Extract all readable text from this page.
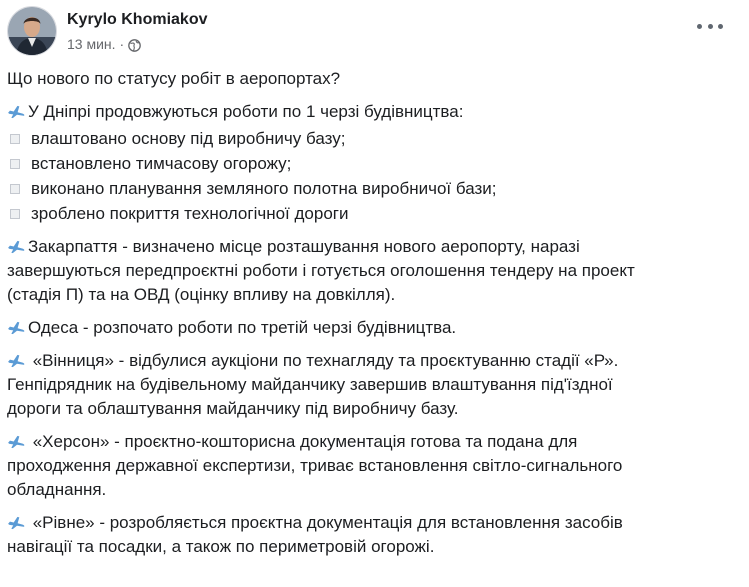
Kyrylo Khomiakov
13 мин. ·

Що нового по статусу робіт в аеропортах?

У Дніпрі продовжуються роботи по 1 черзі будівництва:

влаштовано основу під виробничу базу;
встановлено тимчасову огорожу;
виконано планування земляного полотна виробничої бази;
зроблено покриття технологічної дороги

Закарпаття - визначено місце розташування нового аеропорту, наразі

завершуються передпроєктні роботи і готується оголошення тендеру на проект

(стадія П) та на ОВД (оцінку впливу на довкілля).

Одеса - розпочато роботи по третій черзі будівництва.

«Вінниця» - відбулися аукціони по технагляду та проєктуванню стадії «Р».

Генпідрядник на будівельному майданчику завершив влаштування під'їздної

дороги та облаштування майданчику під виробничу базу.

«Херсон» - проєктно-кошторисна документація готова та подана для

проходження державної експертизи, триває встановлення світло-сигнального

обладнання.

«Рівне» - розробляється проєктна документація для встановлення засобів

навігації та посадки, а також по периметровій огорожі.
